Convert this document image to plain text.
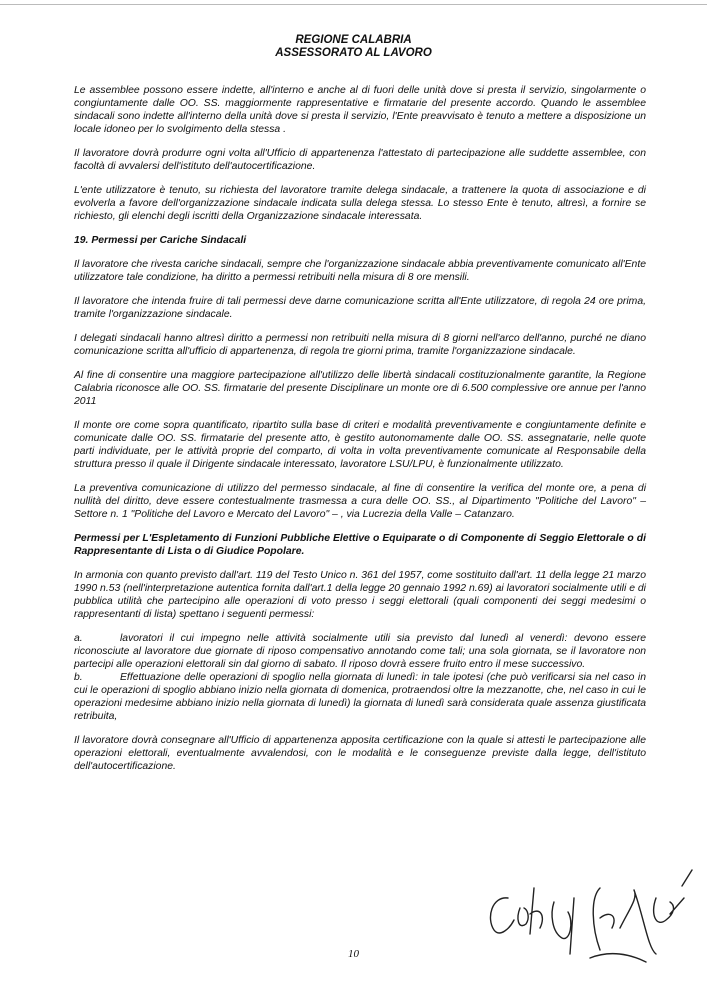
REGIONE CALABRIA
ASSESSORATO AL LAVORO

Le assemblee possono essere indette, all'interno e anche al di fuori delle unità dove si presta il servizio, singolarmente o congiuntamente dalle OO. SS. maggiormente rappresentative e firmatarie del presente accordo. Quando le assemblee sindacali sono indette all'interno della unità dove si presta il servizio, l'Ente preavvisato è tenuto a mettere a disposizione un locale idoneo per lo svolgimento della stessa .

Il lavoratore dovrà produrre ogni volta all'Ufficio di appartenenza l'attestato di partecipazione alle suddette assemblee, con facoltà di avvalersi dell'istituto dell'autocertificazione.

L'ente utilizzatore è tenuto, su richiesta del lavoratore tramite delega sindacale, a trattenere la quota di associazione e di evolverla a favore dell'organizzazione sindacale indicata sulla delega stessa. Lo stesso Ente è tenuto, altresì, a fornire se richiesto, gli elenchi degli iscritti della Organizzazione sindacale interessata.

19. Permessi per Cariche Sindacali

Il lavoratore che rivesta cariche sindacali, sempre che l'organizzazione sindacale abbia preventivamente comunicato all'Ente utilizzatore tale condizione, ha diritto a permessi retribuiti nella misura di 8 ore mensili.

Il lavoratore che intenda fruire di tali permessi deve darne comunicazione scritta all'Ente utilizzatore, di regola 24 ore prima, tramite l'organizzazione sindacale.

I delegati sindacali hanno altresì diritto a permessi non retribuiti nella misura di 8 giorni nell'arco dell'anno, purché ne diano comunicazione scritta all'ufficio di appartenenza, di regola tre giorni prima, tramite l'organizzazione sindacale.

Al fine di consentire una maggiore partecipazione all'utilizzo delle libertà sindacali costituzionalmente garantite, la Regione Calabria riconosce alle OO. SS. firmatarie del presente Disciplinare un monte ore di 6.500 complessive ore annue per l'anno 2011

Il monte ore come sopra quantificato, ripartito sulla base di criteri e modalità preventivamente e congiuntamente definite e comunicate dalle OO. SS. firmatarie del presente atto, è gestito autonomamente dalle OO. SS. assegnatarie, nelle quote parti individuate, per le attività proprie del comparto, di volta in volta preventivamente comunicate al Responsabile della struttura presso il quale il Dirigente sindacale interessato, lavoratore LSU/LPU, è funzionalmente utilizzato.

La preventiva comunicazione di utilizzo del permesso sindacale, al fine di consentire la verifica del monte ore, a pena di nullità del diritto, deve essere contestualmente trasmessa a cura delle OO. SS., al Dipartimento "Politiche del Lavoro" – Settore n. 1 "Politiche del Lavoro e Mercato del Lavoro" – , via Lucrezia della Valle – Catanzaro.

Permessi per L'Espletamento di Funzioni Pubbliche Elettive o Equiparate o di Componente di Seggio Elettorale o di Rappresentante di Lista o di Giudice Popolare.

In armonia con quanto previsto dall'art. 119 del Testo Unico n. 361 del 1957, come sostituito dall'art. 11 della legge 21 marzo 1990 n.53 (nell'interpretazione autentica fornita dall'art.1 della legge 20 gennaio 1992 n.69) ai lavoratori socialmente utili e di pubblica utilità che partecipino alle operazioni di voto presso i seggi elettorali (quali componenti dei seggi medesimi o rappresentanti di lista) spettano i seguenti permessi:

a.	lavoratori il cui impegno nelle attività socialmente utili sia previsto dal lunedì al venerdì: devono essere riconosciute al lavoratore due giornate di riposo compensativo annotando come tali; una sola giornata, se il lavoratore non partecipi alle operazioni elettorali sin dal giorno di sabato. Il riposo dovrà essere fruito entro il mese successivo.

b.	Effettuazione delle operazioni di spoglio nella giornata di lunedì: in tale ipotesi (che può verificarsi sia nel caso in cui le operazioni di spoglio abbiano inizio nella giornata di domenica, protraendosi oltre la mezzanotte, che, nel caso in cui le operazioni medesime abbiano inizio nella giornata di lunedì) la giornata di lunedì sarà considerata quale assenza giustificata retribuita,

Il lavoratore dovrà consegnare all'Ufficio di appartenenza apposita certificazione con la quale si attesti le partecipazione alle operazioni elettorali, eventualmente avvalendosi, con le modalità e le conseguenze previste dalla legge, dell'istituto dell'autocertificazione.

10
